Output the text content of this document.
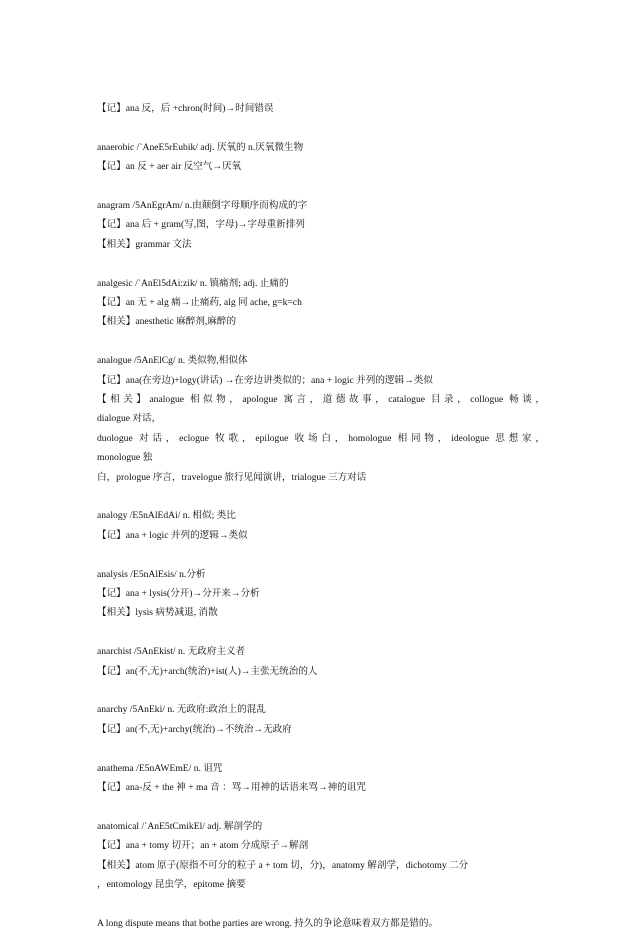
【记】ana 反，后 +chron(时间)→时间错误
anaerobic /`AneE5rEubik/ adj. 厌氧的 n.厌氧微生物
【记】an 反 + aer air 反空气→厌氧
anagram /5AnEgrAm/ n.由颠倒字母顺序而构成的字
【记】ana 后 + gram(写,图，字母)→字母重新排列
【相关】grammar 文法
analgesic /`AnEl5dAi:zik/ n. 镇痛剂; adj. 止痛的
【记】an 无 + alg 痛→止痛药, alg 同 ache, g=k=ch
【相关】anesthetic 麻醉剂,麻醉的
analogue /5AnElCg/ n. 类似物,相似体
【记】ana(在旁边)+logy(讲话) →在旁边讲类似的；ana + logic 并列的逻辑→类似
【相关】analogue 相似物，apologue 寓言，道德故事，catalogue 目录，collogue 畅谈，
dialogue 对话，
duologue 对话，eclogue 牧歌，epilogue 收场白，homologue 相同物，ideologue 思想家，
monologue 独
白，prologue 序言，travelogue 旅行见闻演讲，trialogue 三方对话
analogy /E5nAlEdAi/ n. 相似; 类比
【记】ana + logic 并列的逻辑→类似
analysis /E5nAlEsis/ n.分析
【记】ana + lysis(分开)→分开来→分析
【相关】lysis 病势减退, 消散
anarchist /5AnEkist/ n. 无政府主义者
【记】an(不,无)+arch(统治)+ist(人)→主张无统治的人
anarchy /5AnEki/ n. 无政府:政治上的混乱
【记】an(不,无)+archy(统治)→不统治→无政府
anathema /E5nAWEmE/ n. 诅咒
【记】ana-反 + the 神 + ma 音 ：骂→用神的话语来骂→神的诅咒
anatomical /`AnE5tCmikEl/ adj. 解剖学的
【记】ana + tomy 切开；an + atom 分成原子→解剖
【相关】atom 原子(原指不可分的粒子 a + tom 切，分)，anatomy 解剖学，dichotomy 二分
，entomology 昆虫学，epitome 摘要
A long dispute means that bothe parties are wrong. 持久的争论意味着双方都是错的。
